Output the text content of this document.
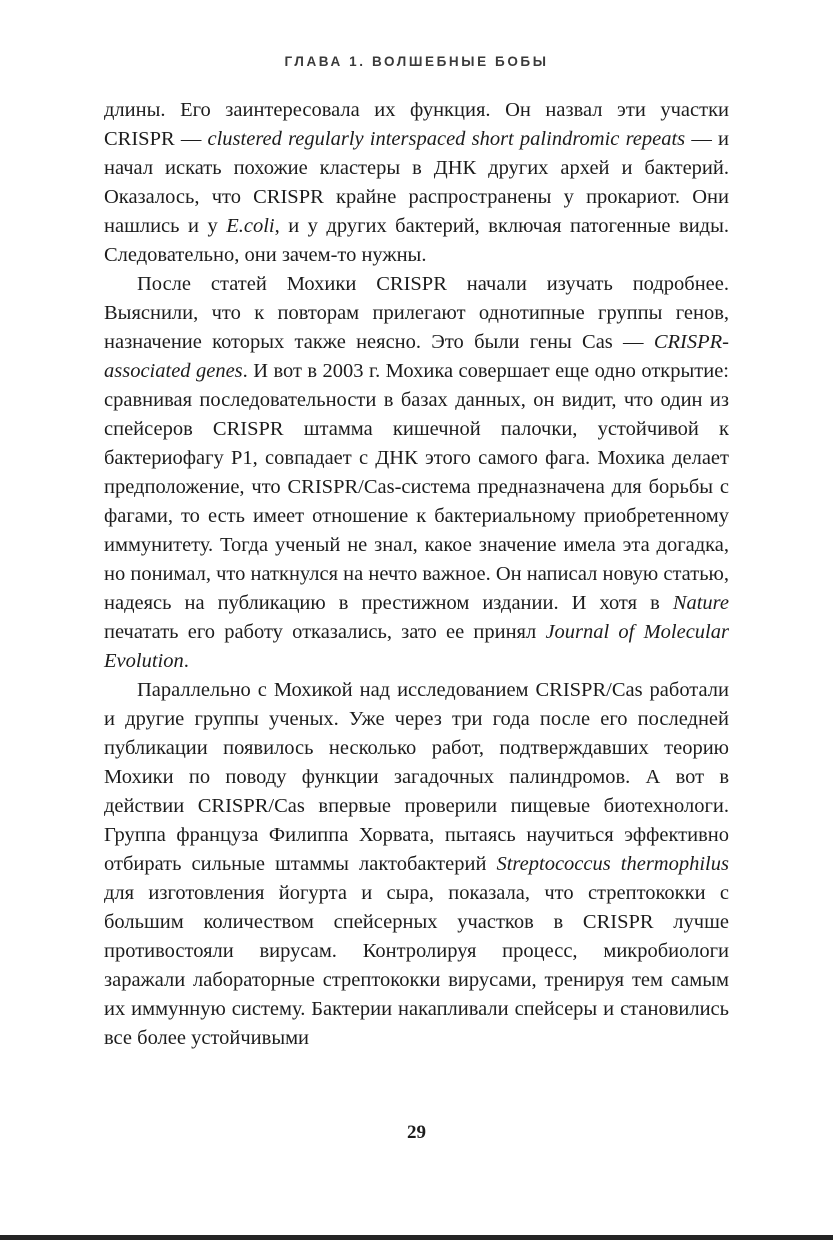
ГЛАВА 1. ВОЛШЕБНЫЕ БОБЫ

длины. Его заинтересовала их функция. Он назвал эти участки CRISPR — clustered regularly interspaced short palindromic repeats — и начал искать похожие кластеры в ДНК других архей и бактерий. Оказалось, что CRISPR крайне распространены у прокариот. Они нашлись и у E.coli, и у других бактерий, включая патогенные виды. Следовательно, они зачем-то нужны.

После статей Мохики CRISPR начали изучать подробнее. Выяснили, что к повторам прилегают однотипные группы генов, назначение которых также неясно. Это были гены Cas — CRISPR-associated genes. И вот в 2003 г. Мохика совершает еще одно открытие: сравнивая последовательности в базах данных, он видит, что один из спейсеров CRISPR штамма кишечной палочки, устойчивой к бактериофагу P1, совпадает с ДНК этого самого фага. Мохика делает предположение, что CRISPR/Cas-система предназначена для борьбы с фагами, то есть имеет отношение к бактериальному приобретенному иммунитету. Тогда ученый не знал, какое значение имела эта догадка, но понимал, что наткнулся на нечто важное. Он написал новую статью, надеясь на публикацию в престижном издании. И хотя в Nature печатать его работу отказались, зато ее принял Journal of Molecular Evolution.

Параллельно с Мохикой над исследованием CRISPR/Cas работали и другие группы ученых. Уже через три года после его последней публикации появилось несколько работ, подтверждавших теорию Мохики по поводу функции загадочных палиндромов. А вот в действии CRISPR/Cas впервые проверили пищевые биотехнологи. Группа француза Филиппа Хорвата, пытаясь научиться эффективно отбирать сильные штаммы лактобактерий Streptococcus thermophilus для изготовления йогурта и сыра, показала, что стрептококки с большим количеством спейсерных участков в CRISPR лучше противостояли вирусам. Контролируя процесс, микробиологи заражали лабораторные стрептококки вирусами, тренируя тем самым их иммунную систему. Бактерии накапливали спейсеры и становились все более устойчивыми

29
